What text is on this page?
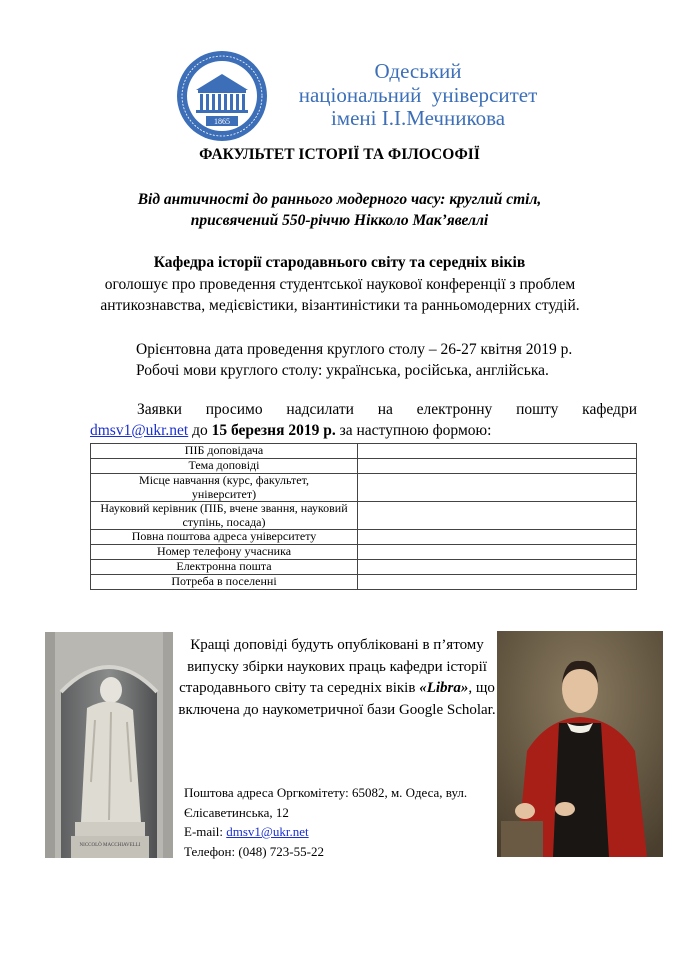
1865
Одеський
національний  університет
імені І.І.Мечникова
ФАКУЛЬТЕТ ІСТОРІЇ ТА ФІЛОСОФІЇ
Від античності до раннього модерного часу: круглий стіл,
присвячений 550-річчю Нікколо Мак’явеллі
Кафедра історії стародавнього світу та середніх віків
оголошує про проведення студентської наукової конференції з проблем
антикознавства, медієвістики, візантиністики та ранньомодерних студій.
Орієнтовна дата проведення круглого столу – 26-27 квітня 2019 р.
Робочі мови круглого столу: українська, російська, англійська.
Заявки просимо надсилати на електронну пошту кафедри
dmsv1@ukr.net до 15 березня 2019 р. за наступною формою:
ПІБ доповідача	
Тема доповіді	
Місце навчання (курс, факультет, університет)	
Науковий керівник (ПІБ, вчене звання, науковий ступінь, посада)	
Повна поштова адреса університету	
Номер телефону учасника	
Електронна пошта	
Потреба в поселенні	
NICCOLÒ MACCHIAVELLI
Кращі доповіді будуть опубліковані в п’ятому випуску збірки наукових праць кафедри історії стародавнього світу та середніх віків «Libra», що включена до наукометричної бази Google Scholar.
Поштова адреса Оргкомітету: 65082, м. Одеса, вул. Єлісаветинська, 12
E-mail: dmsv1@ukr.net
Телефон: (048) 723-55-22
